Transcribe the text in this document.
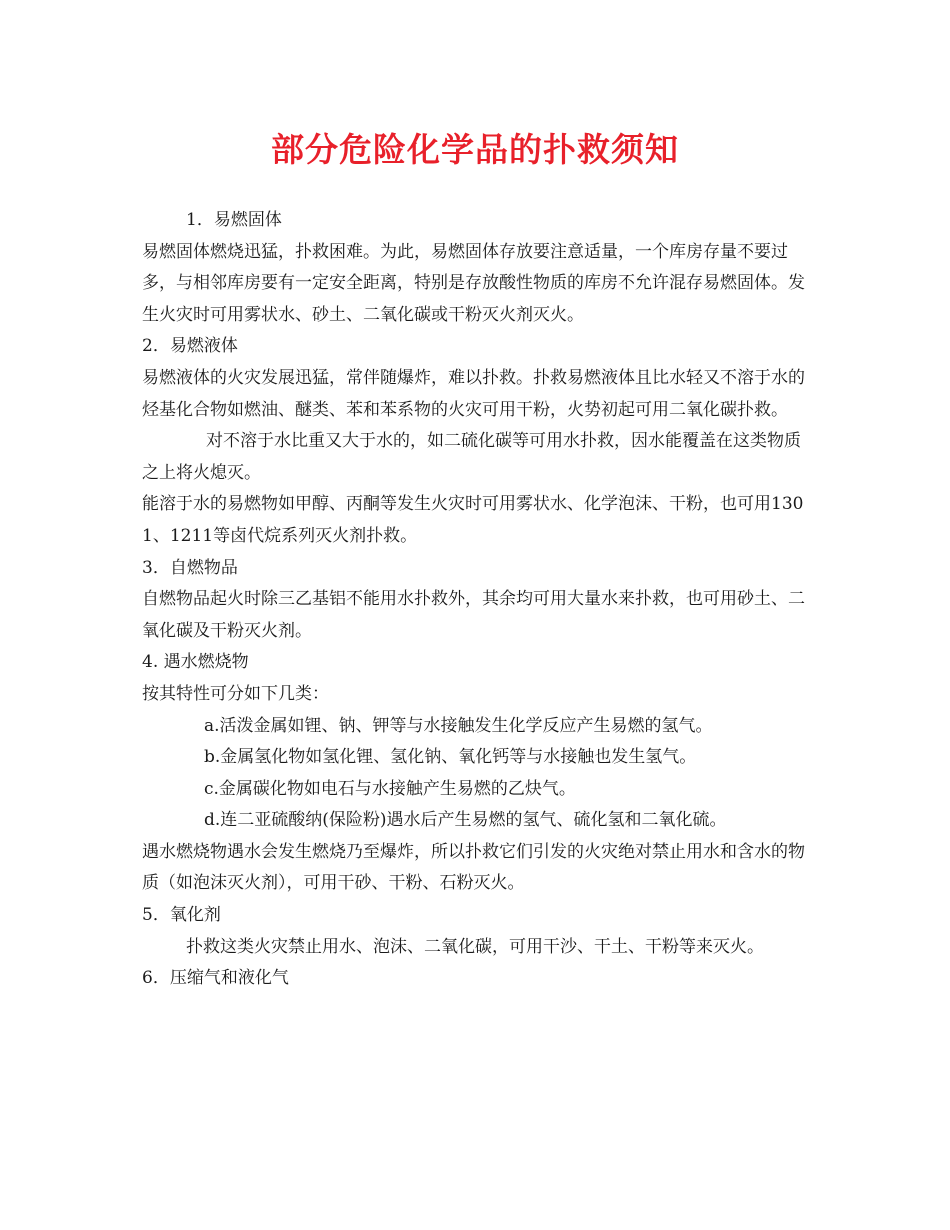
部分危险化学品的扑救须知

1．易燃固体

易燃固体燃烧迅猛，扑救困难。为此，易燃固体存放要注意适量，一个库房存量不要过多，与相邻库房要有一定安全距离，特别是存放酸性物质的库房不允许混存易燃固体。发生火灾时可用雾状水、砂土、二氧化碳或干粉灭火剂灭火。

2．易燃液体

易燃液体的火灾发展迅猛，常伴随爆炸，难以扑救。扑救易燃液体且比水轻又不溶于水的烃基化合物如燃油、醚类、苯和苯系物的火灾可用干粉，火势初起可用二氧化碳扑救。

对不溶于水比重又大于水的，如二硫化碳等可用水扑救，因水能覆盖在这类物质之上将火熄灭。

能溶于水的易燃物如甲醇、丙酮等发生火灾时可用雾状水、化学泡沫、干粉，也可用1301、1211等卤代烷系列灭火剂扑救。

3．自燃物品

自燃物品起火时除三乙基铝不能用水扑救外，其余均可用大量水来扑救，也可用砂土、二氧化碳及干粉灭火剂。

4. 遇水燃烧物

按其特性可分如下几类：

a.活泼金属如锂、钠、钾等与水接触发生化学反应产生易燃的氢气。

b.金属氢化物如氢化锂、氢化钠、氧化钙等与水接触也发生氢气。

c.金属碳化物如电石与水接触产生易燃的乙炔气。

d.连二亚硫酸纳(保险粉)遇水后产生易燃的氢气、硫化氢和二氧化硫。

遇水燃烧物遇水会发生燃烧乃至爆炸，所以扑救它们引发的火灾绝对禁止用水和含水的物质（如泡沫灭火剂），可用干砂、干粉、石粉灭火。

5．氧化剂

扑救这类火灾禁止用水、泡沫、二氧化碳，可用干沙、干土、干粉等来灭火。

6．压缩气和液化气
